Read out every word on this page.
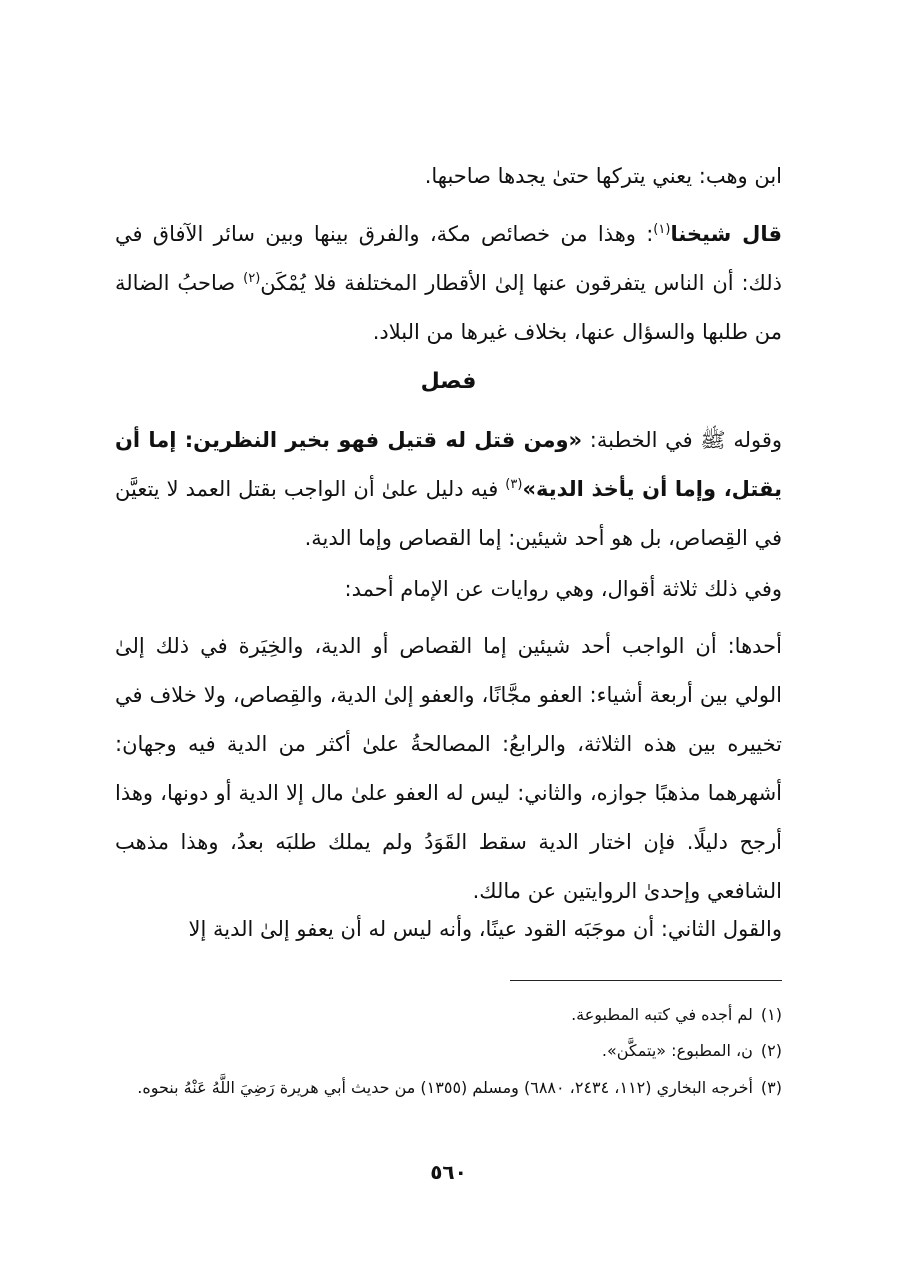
ابن وهب: يعني يتركها حتىٰ يجدها صاحبها.
قال شيخنا$^{(١)}$: وهذا من خصائص مكة، والفرق بينها وبين سائر الآفاق في ذلك: أن الناس يتفرقون عنها إلىٰ الأقطار المختلفة فلا يُمْكَن$^{(٢)}$ صاحبُ الضالة من طلبها والسؤال عنها، بخلاف غيرها من البلاد.
فصل
وقوله ﷺ في الخطبة: «ومن قتل له قتيل فهو بخير النظرين: إما أن يقتل، وإما أن يأخذ الدية»$^{(٣)}$ فيه دليل علىٰ أن الواجب بقتل العمد لا يتعيَّن في القِصاص، بل هو أحد شيئين: إما القصاص وإما الدية.
وفي ذلك ثلاثة أقوال، وهي روايات عن الإمام أحمد:
أحدها: أن الواجب أحد شيئين إما القصاص أو الدية، والخِيَرة في ذلك إلىٰ الولي بين أربعة أشياء: العفو مجَّانًا، والعفو إلىٰ الدية، والقِصاص، ولا خلاف في تخييره بين هذه الثلاثة، والرابعُ: المصالحةُ علىٰ أكثر من الدية فيه وجهان: أشهرهما مذهبًا جوازه، والثاني: ليس له العفو علىٰ مال إلا الدية أو دونها، وهذا أرجح دليلًا. فإن اختار الدية سقط القَوَدُ ولم يملك طلبَه بعدُ، وهذا مذهب الشافعي وإحدىٰ الروايتين عن مالك.
والقول الثاني: أن موجَبَه القود عينًا، وأنه ليس له أن يعفو إلىٰ الدية إلا
(١)لم أجده في كتبه المطبوعة.
(٢)ن، المطبوع: «يتمكَّن».
(٣)أخرجه البخاري (١١٢، ٢٤٣٤، ٦٨٨٠) ومسلم (١٣٥٥) من حديث أبي هريرة رَضِيَ اللَّهُ عَنْهُ بنحوه.
٥٦٠
